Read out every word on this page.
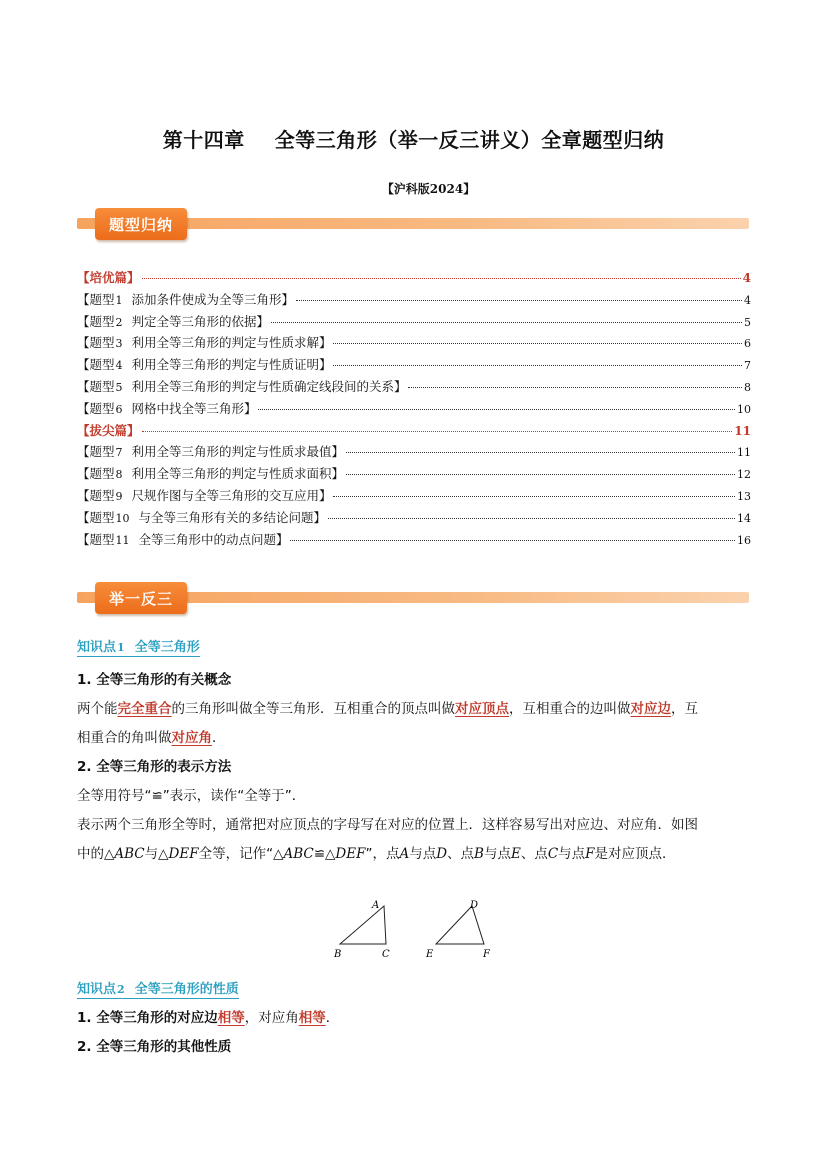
第十四章 全等三角形（举一反三讲义）全章题型归纳
【沪科版2024】
题型归纳
【培优篇】	4
【题型1 添加条件使成为全等三角形】	4
【题型2 判定全等三角形的依据】	5
【题型3 利用全等三角形的判定与性质求解】	6
【题型4 利用全等三角形的判定与性质证明】	7
【题型5 利用全等三角形的判定与性质确定线段间的关系】	8
【题型6 网格中找全等三角形】	10
【拔尖篇】	11
【题型7 利用全等三角形的判定与性质求最值】	11
【题型8 利用全等三角形的判定与性质求面积】	12
【题型9 尺规作图与全等三角形的交互应用】	13
【题型10 与全等三角形有关的多结论问题】	14
【题型11 全等三角形中的动点问题】	16
举一反三
知识点1 全等三角形
1. 全等三角形的有关概念
两个能完全重合的三角形叫做全等三角形．互相重合的顶点叫做对应顶点，互相重合的边叫做对应边，互
相重合的角叫做对应角．
2. 全等三角形的表示方法
全等用符号“≌”表示，读作“全等于”．
表示两个三角形全等时，通常把对应顶点的字母写在对应的位置上．这样容易写出对应边、对应角．如图
中的△ABC与△DEF全等，记作“△ABC≌△DEF”，点A与点D、点B与点E、点C与点F是对应顶点．
A
B	C
D
E	F
知识点2 全等三角形的性质
1. 全等三角形的对应边相等，对应角相等．
2. 全等三角形的其他性质
